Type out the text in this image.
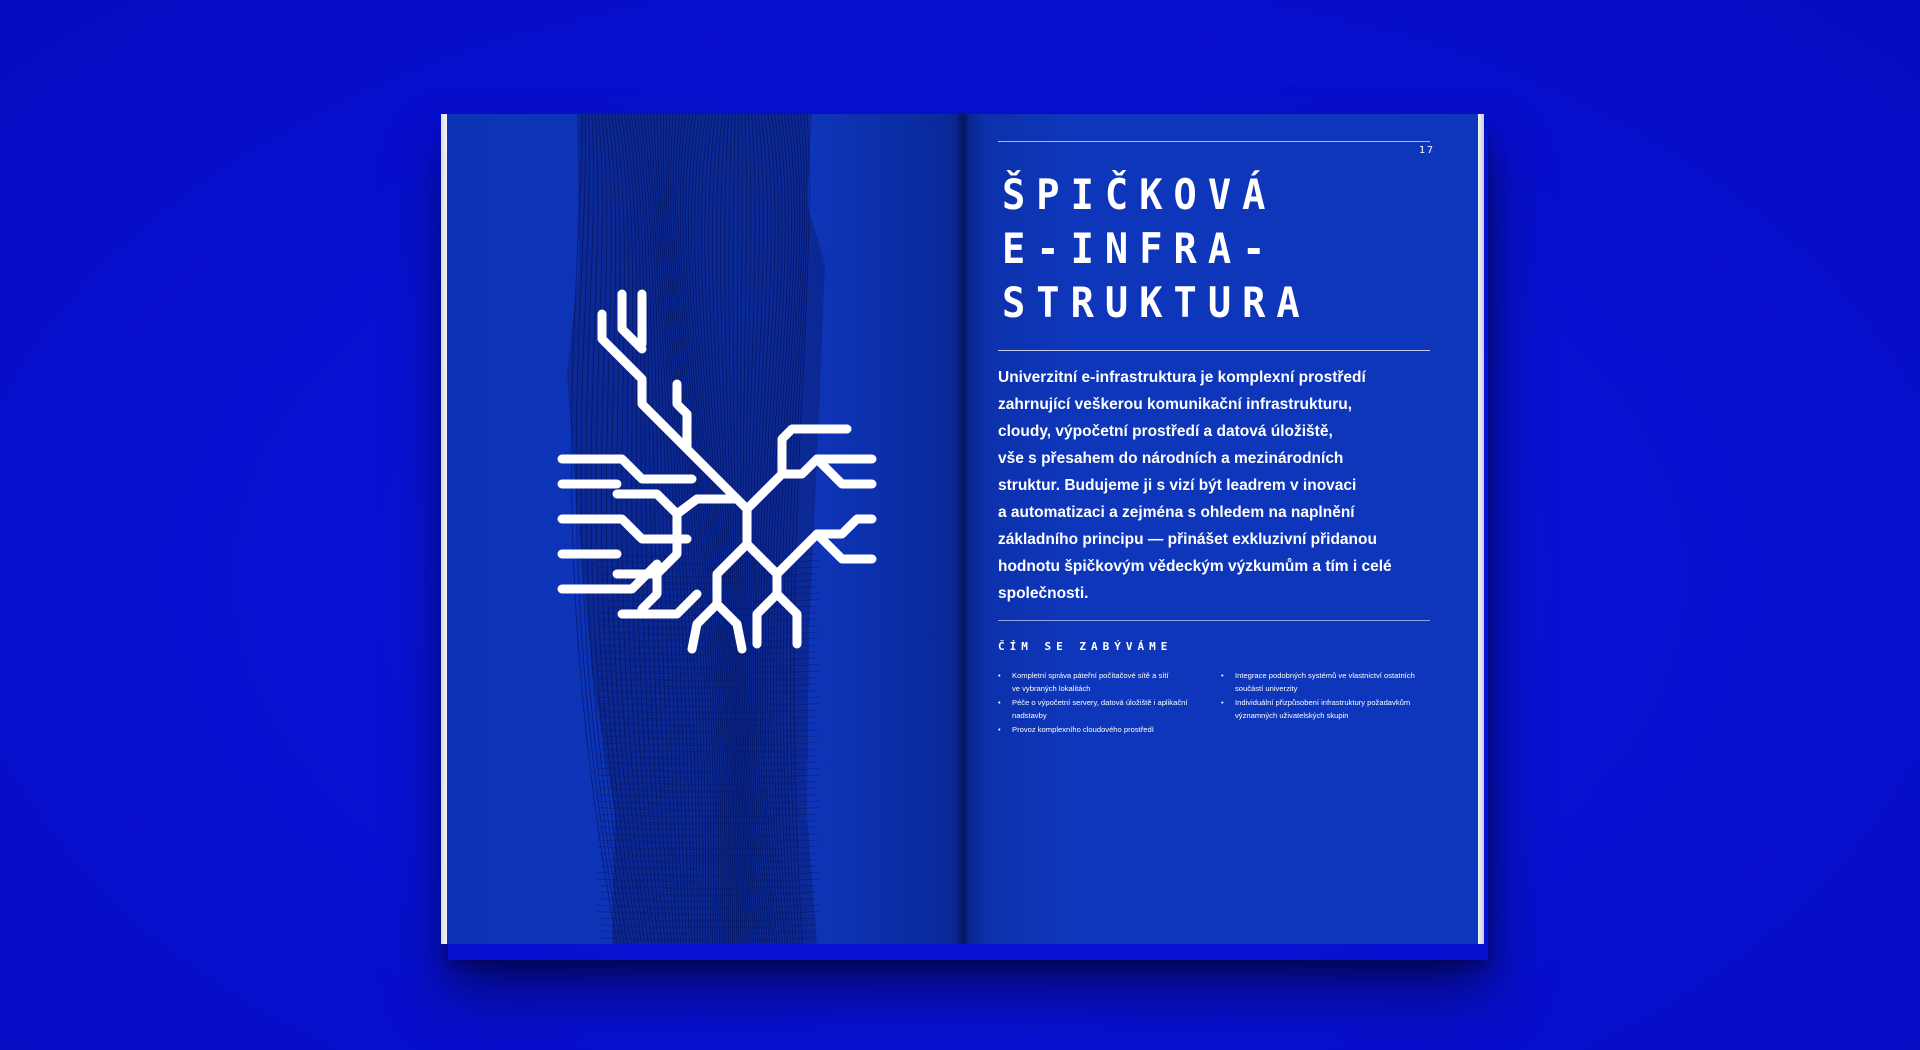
17
ŠPIČKOVÁ
E-INFRA-
STRUKTURA
Univerzitní e-infrastruktura je komplexní prostředí
zahrnující veškerou komunikační infrastrukturu,
cloudy, výpočetní prostředí a datová úložiště,
vše s přesahem do národních a mezinárodních
struktur. Budujeme ji s vizí být leadrem v inovaci
a automatizaci a zejména s ohledem na naplnění
základního principu — přinášet exkluzivní přidanou
hodnotu špičkovým vědeckým výzkumům a tím i celé
společnosti.
ČÍM SE ZABÝVÁME
• Kompletní správa páteřní počítačové sítě a sítí
ve vybraných lokalitách
• Péče o výpočetní servery, datová úložiště i aplikační
nadstavby
• Provoz komplexního cloudového prostředí
• Integrace podobných systémů ve vlastnictví ostatních
součástí univerzity
• Individuální přizpůsobení infrastruktury požadavkům
významných uživatelských skupin
